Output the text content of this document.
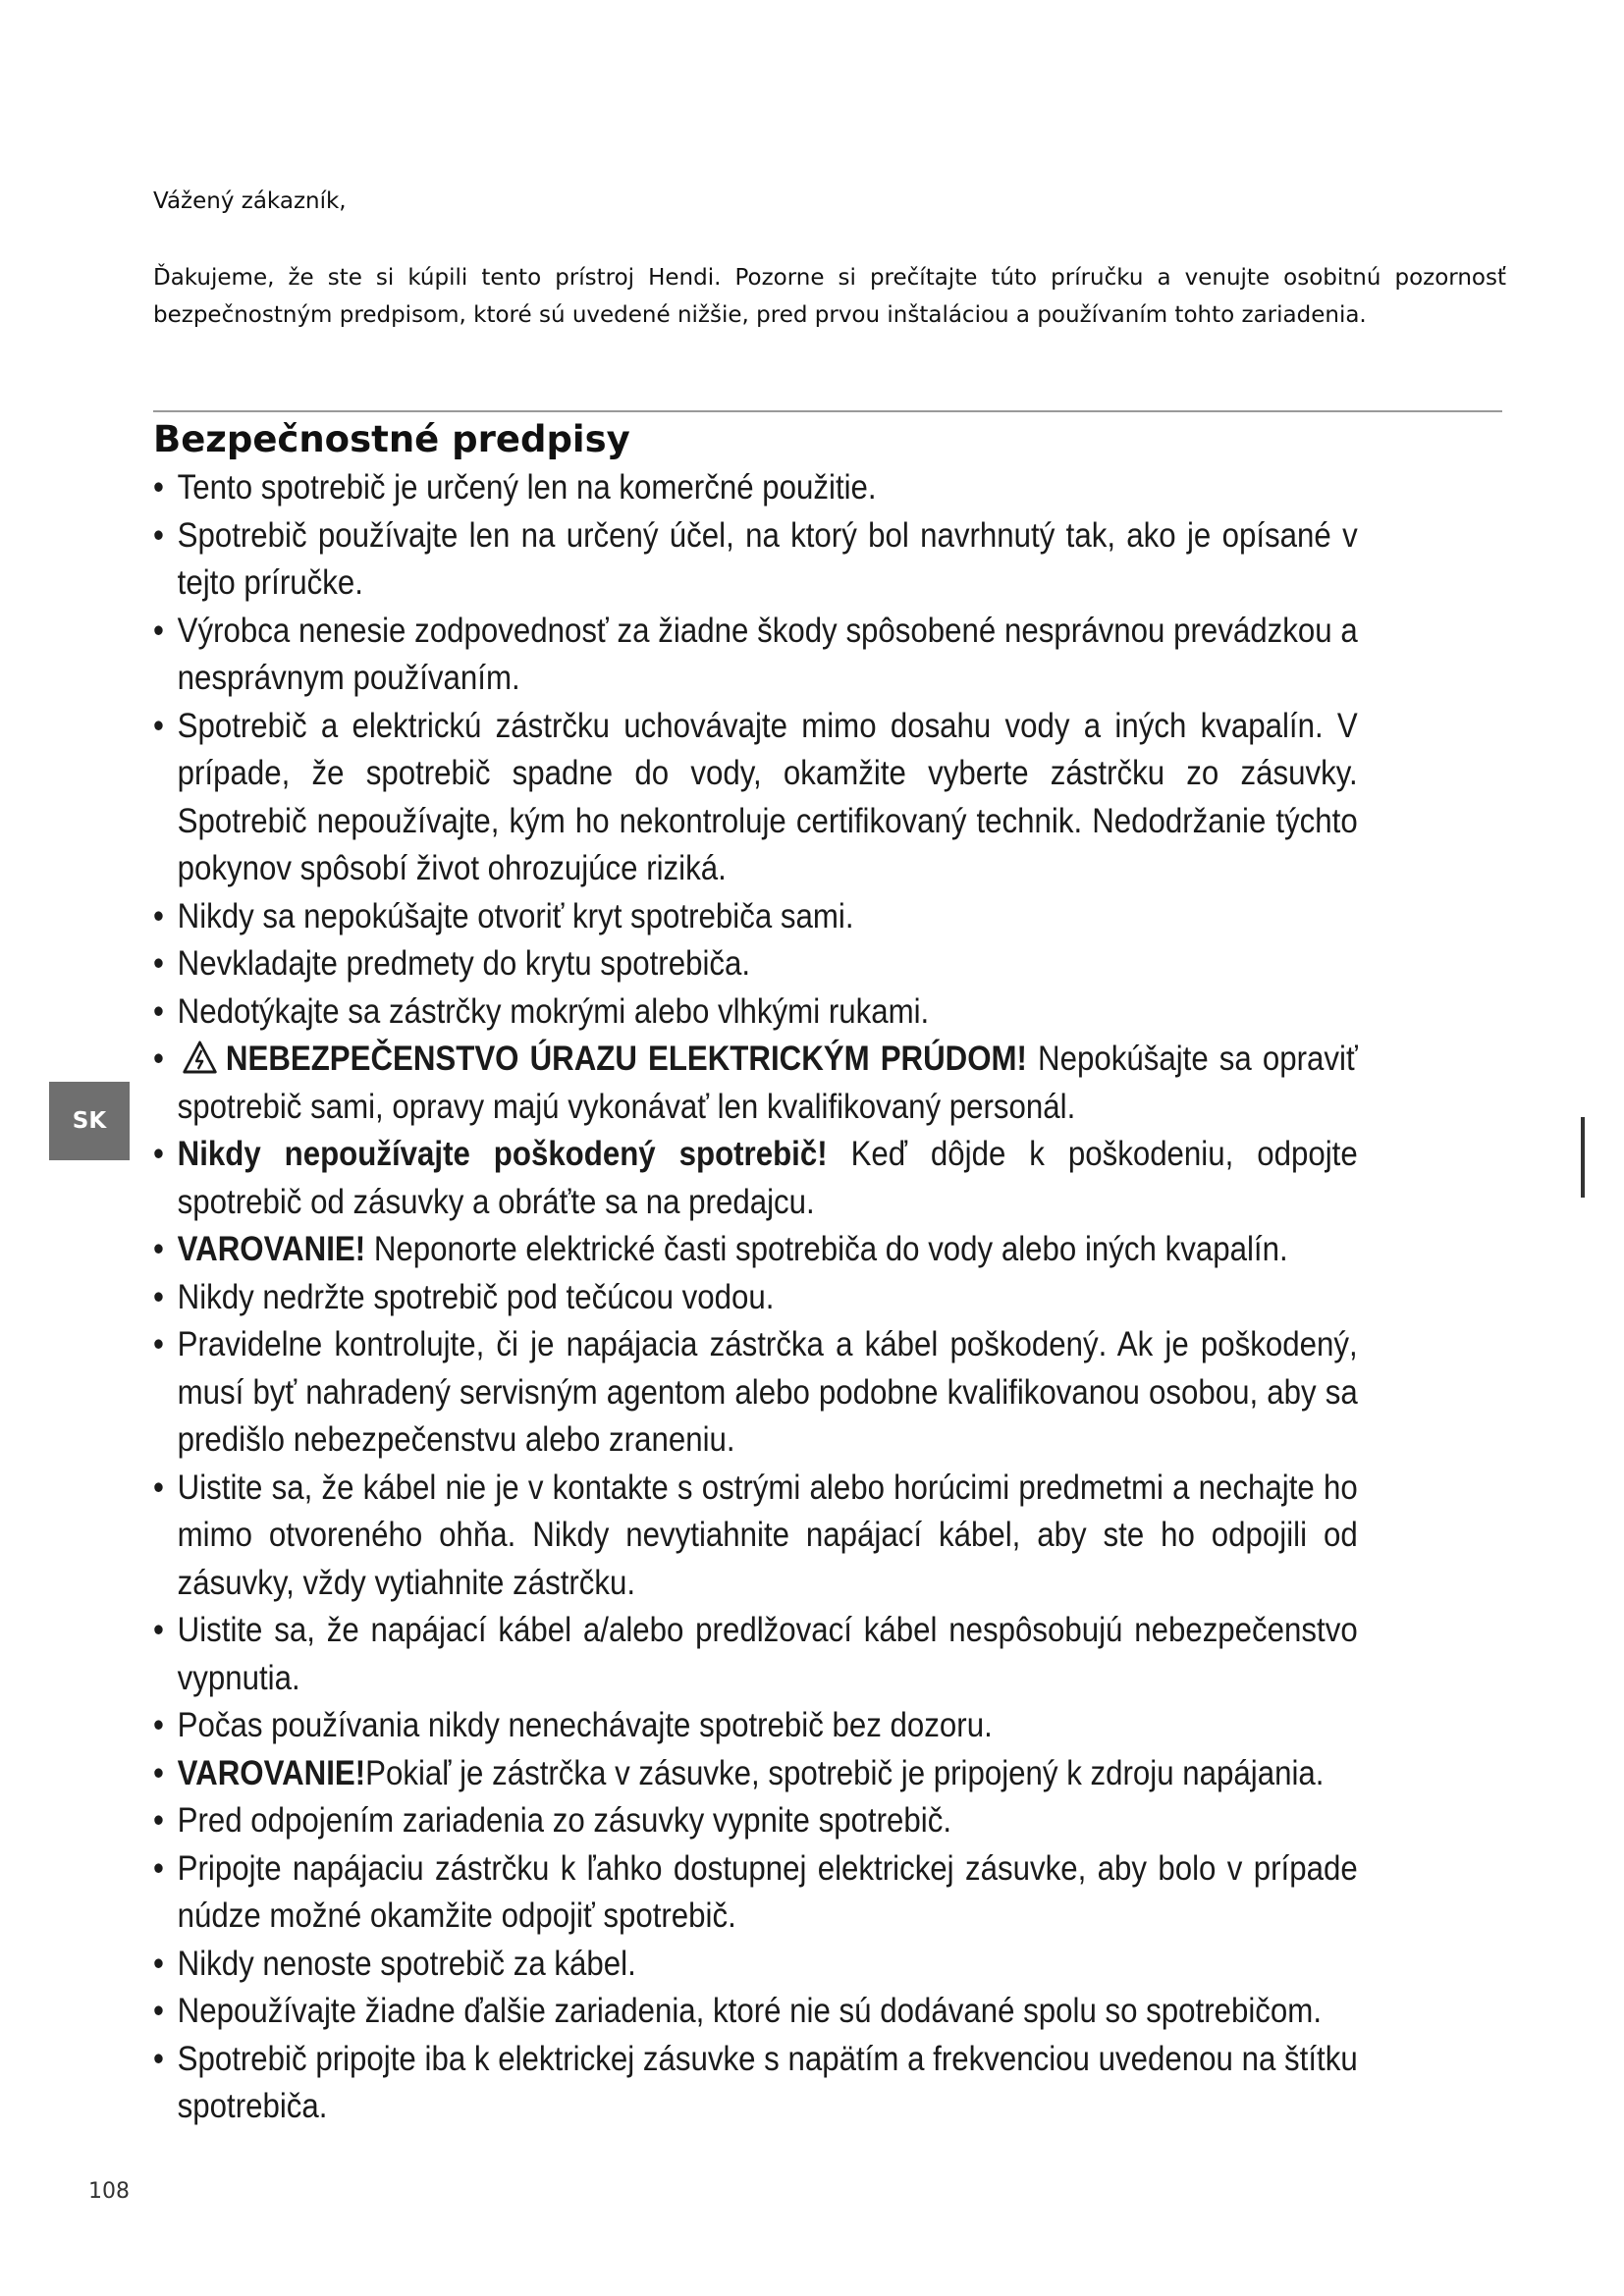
Vážený zákazník,
Ďakujeme, že ste si kúpili tento prístroj Hendi. Pozorne si prečítajte túto príručku a venujte osobitnú pozornosť bezpečnostným predpisom, ktoré sú uvedené nižšie, pred prvou inštaláciou a používaním tohto zariadenia.
Bezpečnostné predpisy
• Tento spotrebič je určený len na komerčné použitie.
• Spotrebič používajte len na určený účel, na ktorý bol navrhnutý tak, ako je opísané v tejto príručke.
• Výrobca nenesie zodpovednosť za žiadne škody spôsobené nesprávnou prevádzkou a nesprávnym používaním.
• Spotrebič a elektrickú zástrčku uchovávajte mimo dosahu vody a iných kvapalín. V prípade, že spotrebič spadne do vody, okamžite vyberte zástrčku zo zásuvky. Spotrebič nepoužívajte, kým ho nekontroluje certifikovaný technik. Nedodržanie týchto pokynov spôsobí život ohrozujúce riziká.
• Nikdy sa nepokúšajte otvoriť kryt spotrebiča sami.
• Nevkladajte predmety do krytu spotrebiča.
• Nedotýkajte sa zástrčky mokrými alebo vlhkými rukami.
• NEBEZPEČENSTVO ÚRAZU ELEKTRICKÝM PRÚDOM! Nepokúšajte sa opraviť spotrebič sami, opravy majú vykonávať len kvalifikovaný personál.
• Nikdy nepoužívajte poškodený spotrebič! Keď dôjde k poškodeniu, odpojte spotrebič od zásuvky a obráťte sa na predajcu.
• VAROVANIE! Neponorte elektrické časti spotrebiča do vody alebo iných kvapalín.
• Nikdy nedržte spotrebič pod tečúcou vodou.
• Pravidelne kontrolujte, či je napájacia zástrčka a kábel poškodený. Ak je poškodený, musí byť nahradený servisným agentom alebo podobne kvalifikovanou osobou, aby sa predišlo nebezpečenstvu alebo zraneniu.
• Uistite sa, že kábel nie je v kontakte s ostrými alebo horúcimi predmetmi a nechajte ho mimo otvoreného ohňa. Nikdy nevytiahnite napájací kábel, aby ste ho odpojili od zásuvky, vždy vytiahnite zástrčku.
• Uistite sa, že napájací kábel a/alebo predlžovací kábel nespôsobujú nebezpečenstvo vypnutia.
• Počas používania nikdy nenechávajte spotrebič bez dozoru.
• VAROVANIE!Pokiaľ je zástrčka v zásuvke, spotrebič je pripojený k zdroju napájania.
• Pred odpojením zariadenia zo zásuvky vypnite spotrebič.
• Pripojte napájaciu zástrčku k ľahko dostupnej elektrickej zásuvke, aby bolo v prípade núdze možné okamžite odpojiť spotrebič.
• Nikdy nenoste spotrebič za kábel.
• Nepoužívajte žiadne ďalšie zariadenia, ktoré nie sú dodávané spolu so spotrebičom.
• Spotrebič pripojte iba k elektrickej zásuvke s napätím a frekvenciou uvedenou na štítku spotrebiča.
SK
108
